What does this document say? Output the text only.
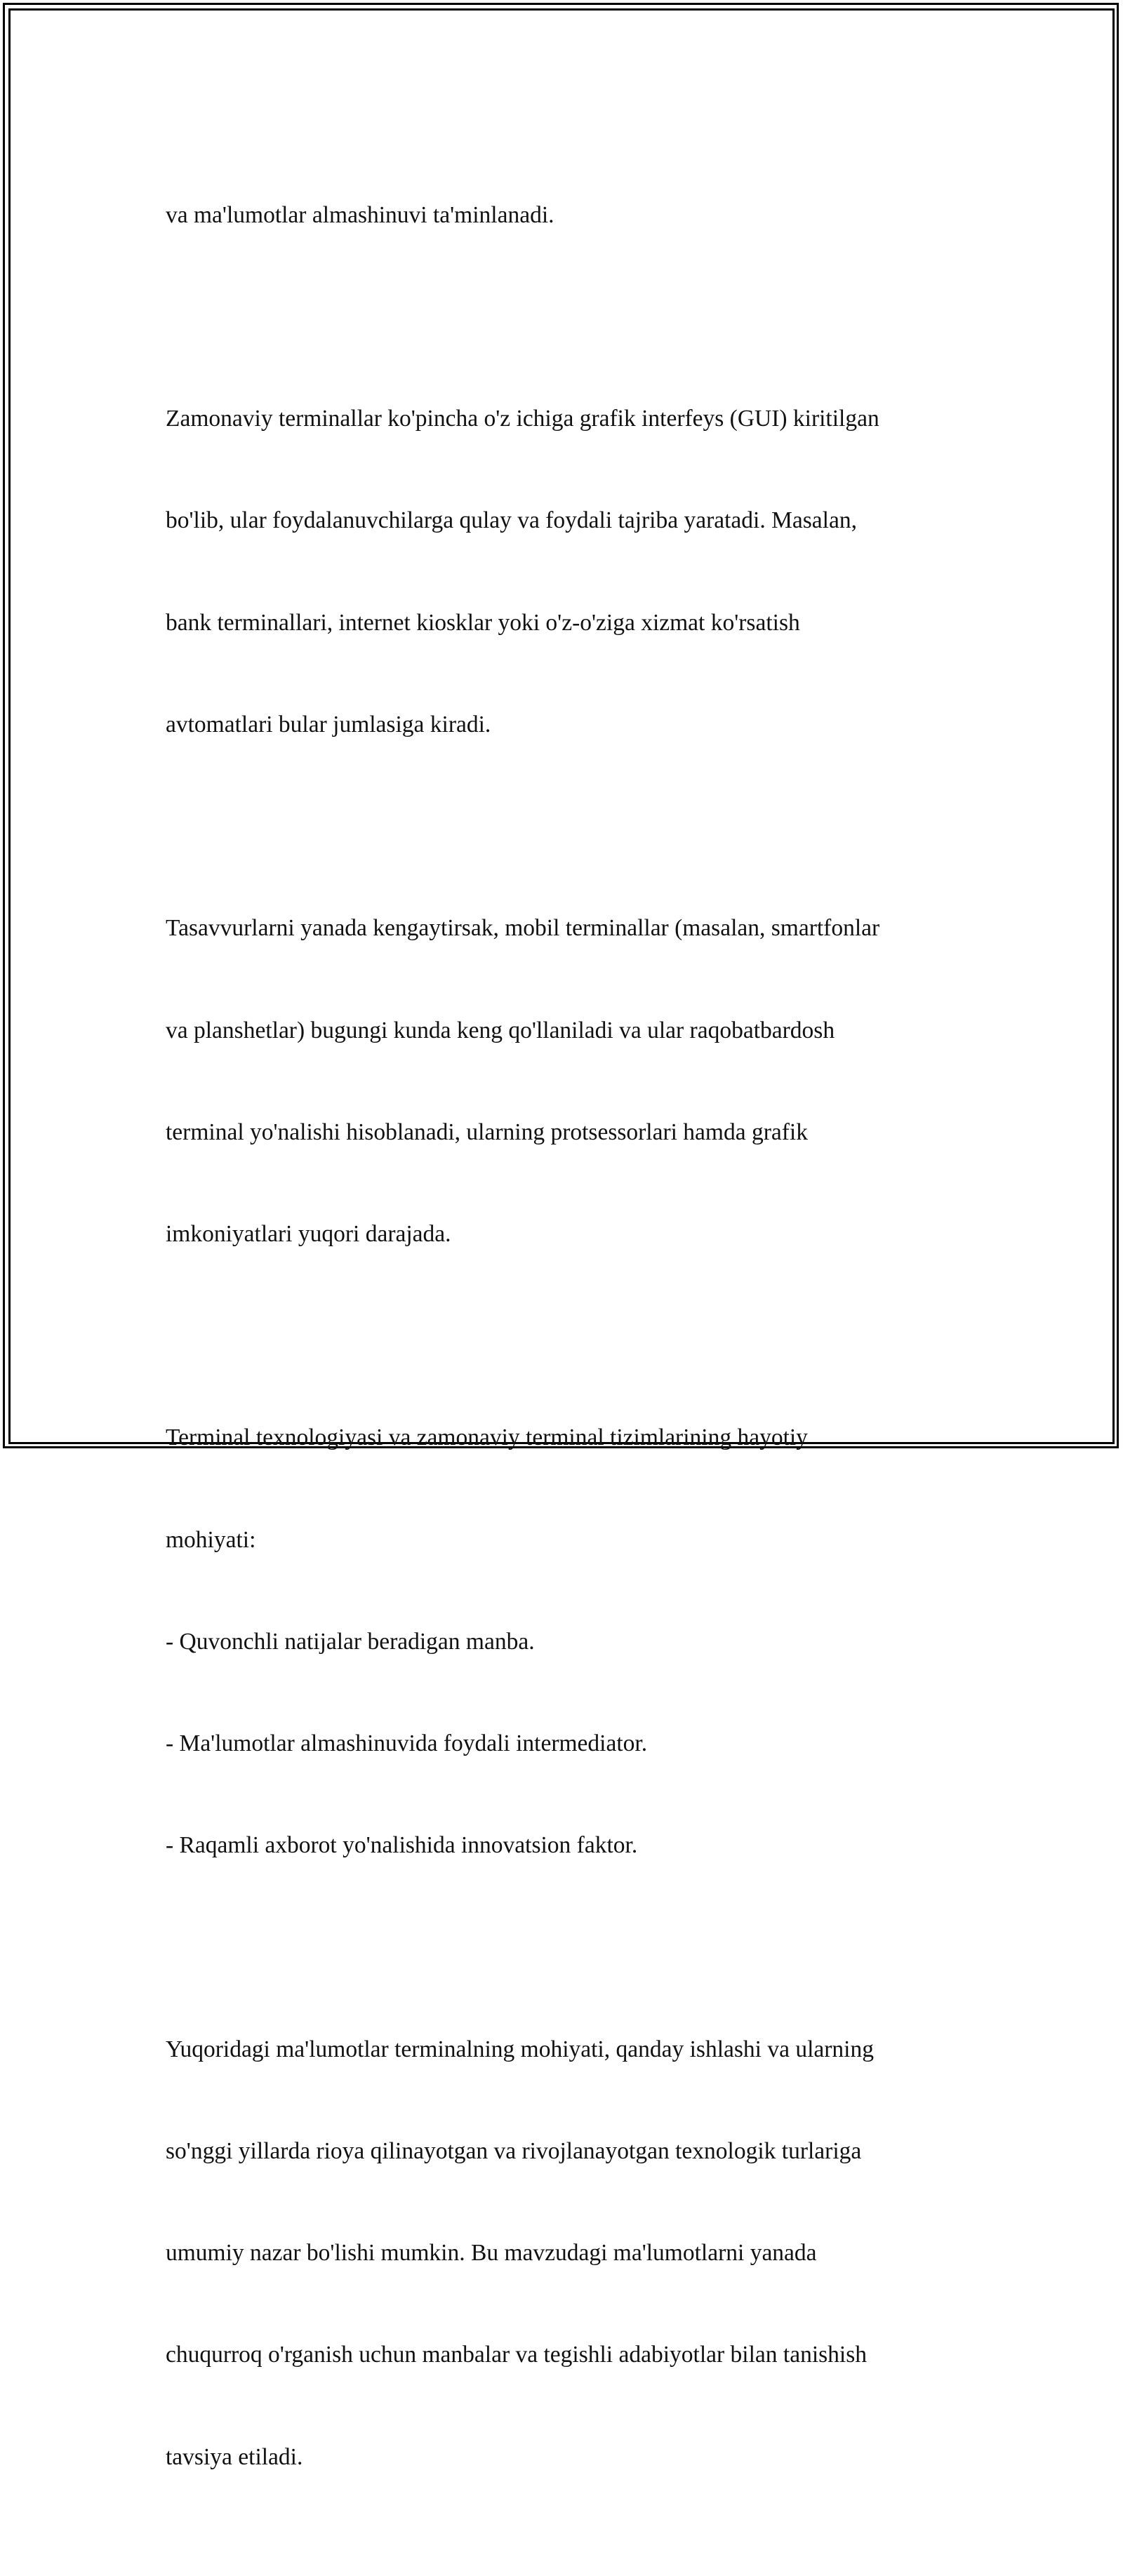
va ma'lumotlar almashinuvi ta'minlanadi.

Zamonaviy terminallar ko'pincha o'z ichiga grafik interfeys (GUI) kiritilgan

bo'lib, ular foydalanuvchilarga qulay va foydali tajriba yaratadi. Masalan,

bank terminallari, internet kiosklar yoki o'z-o'ziga xizmat ko'rsatish

avtomatlari bular jumlasiga kiradi.

Tasavvurlarni yanada kengaytirsak, mobil terminallar (masalan, smartfonlar

va planshetlar) bugungi kunda keng qo'llaniladi va ular raqobatbardosh

terminal yo'nalishi hisoblanadi, ularning protsessorlari hamda grafik

imkoniyatlari yuqori darajada.

Terminal texnologiyasi va zamonaviy terminal tizimlarining hayotiy

mohiyati:

- Quvonchli natijalar beradigan manba.

- Ma'lumotlar almashinuvida foydali intermediator.

- Raqamli axborot yo'nalishida innovatsion faktor.

Yuqoridagi ma'lumotlar terminalning mohiyati, qanday ishlashi va ularning

so'nggi yillarda rioya qilinayotgan va rivojlanayotgan texnologik turlariga

umumiy nazar bo'lishi mumkin. Bu mavzudagi ma'lumotlarni yanada

chuqurroq o'rganish uchun manbalar va tegishli adabiyotlar bilan tanishish

tavsiya etiladi.
